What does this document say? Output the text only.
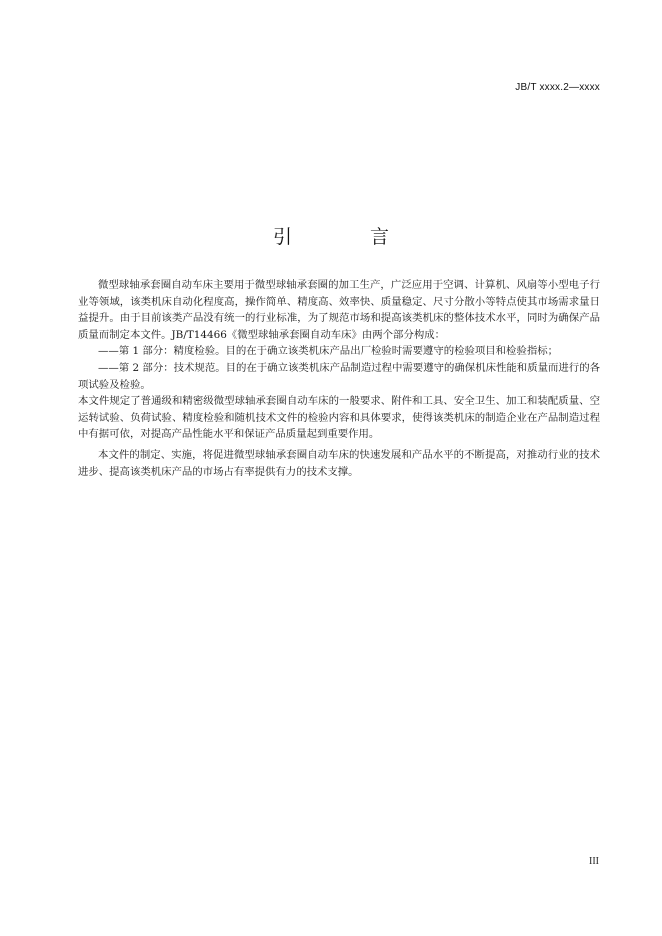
JB/T xxxx.2—xxxx
引 言

微型球轴承套圈自动车床主要用于微型球轴承套圈的加工生产，广泛应用于空调、计算机、风扇等小型电子行业等领域，该类机床自动化程度高，操作简单、精度高、效率快、质量稳定、尺寸分散小等特点使其市场需求量日益提升。由于目前该类产品没有统一的行业标准，为了规范市场和提高该类机床的整体技术水平，同时为确保产品质量而制定本文件。JB/T14466《微型球轴承套圈自动车床》由两个部分构成：

——第 1 部分：精度检验。目的在于确立该类机床产品出厂检验时需要遵守的检验项目和检验指标；

——第 2 部分：技术规范。目的在于确立该类机床产品制造过程中需要遵守的确保机床性能和质量而进行的各项试验及检验。

本文件规定了普通级和精密级微型球轴承套圈自动车床的一般要求、附件和工具、安全卫生、加工和装配质量、空运转试验、负荷试验、精度检验和随机技术文件的检验内容和具体要求，使得该类机床的制造企业在产品制造过程中有据可依，对提高产品性能水平和保证产品质量起到重要作用。

本文件的制定、实施，将促进微型球轴承套圈自动车床的快速发展和产品水平的不断提高，对推动行业的技术进步、提高该类机床产品的市场占有率提供有力的技术支撑。

III
